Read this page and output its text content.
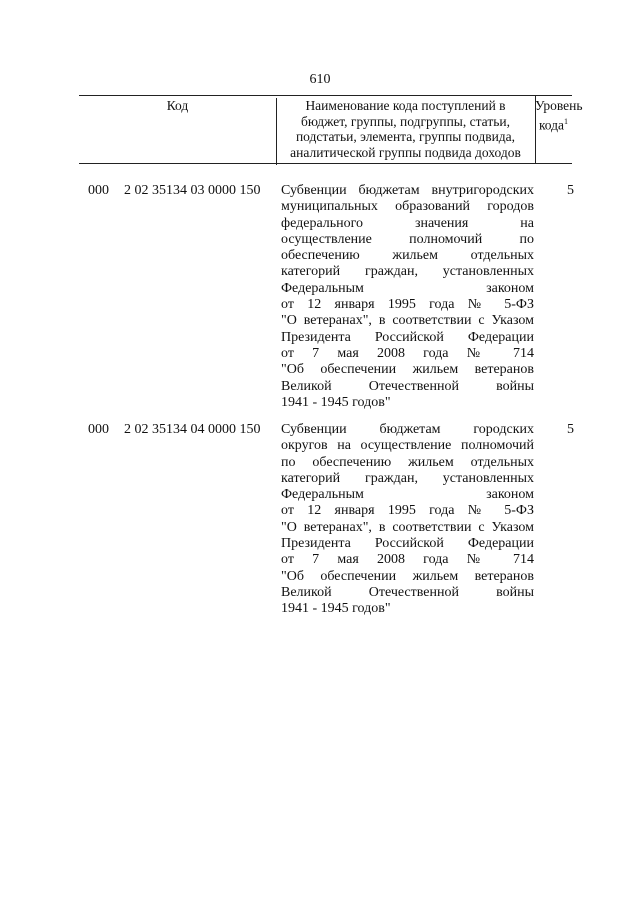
610
Код	Наименование кода поступлений в
бюджет, группы, подгруппы, статьи,
подстатьи, элемента, группы подвида,
аналитической группы подвида доходов
Уровень
кода$^1$
000 2 02 35134 03 0000 150 Субвенции бюджетам внутригородских
муниципальных образований городов
федерального значения на
осуществление полномочий по
обеспечению жильем отдельных
категорий граждан, установленных
Федеральным законом
от 12 января 1995 года № 5-ФЗ
"О ветеранах", в соответствии с Указом
Президента Российской Федерации
от 7 мая 2008 года № 714
"Об обеспечении жильем ветеранов
Великой Отечественной войны
1941 - 1945 годов"
5
000 2 02 35134 04 0000 150 Субвенции бюджетам городских
округов на осуществление полномочий
по обеспечению жильем отдельных
категорий граждан, установленных
Федеральным законом
от 12 января 1995 года № 5-ФЗ
"О ветеранах", в соответствии с Указом
Президента Российской Федерации
от 7 мая 2008 года № 714
"Об обеспечении жильем ветеранов
Великой Отечественной войны
1941 - 1945 годов"
5
